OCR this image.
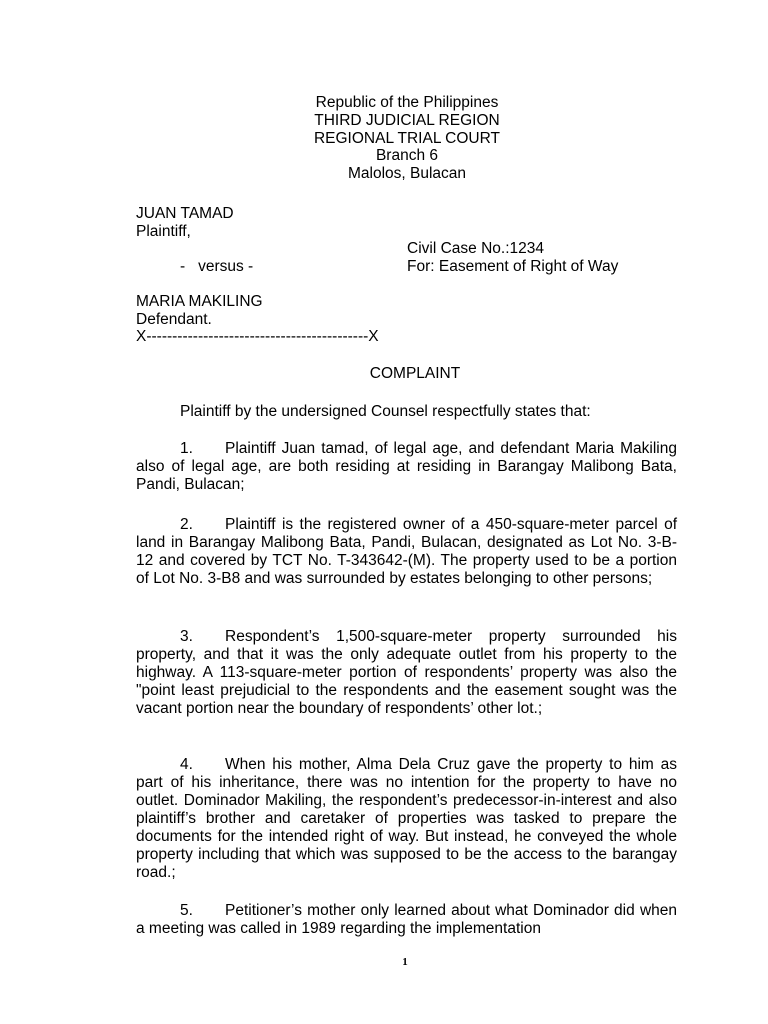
Republic of the Philippines
THIRD JUDICIAL REGION
REGIONAL TRIAL COURT
Branch 6
Malolos, Bulacan
JUAN TAMAD
Plaintiff,
Civil Case No.:1234
-   versus -	For: Easement of Right of Way
MARIA MAKILING
Defendant.
X-------------------------------------------X
COMPLAINT
Plaintiff by the undersigned Counsel respectfully states that:
1. Plaintiff Juan tamad, of legal age, and defendant Maria Makiling also of legal age, are both residing at residing in Barangay Malibong Bata, Pandi, Bulacan;
2. Plaintiff is the registered owner of a 450-square-meter parcel of land in Barangay Malibong Bata, Pandi, Bulacan, designated as Lot No. 3-B-12 and covered by TCT No. T-343642-(M). The property used to be a portion of Lot No. 3-B8 and was surrounded by estates belonging to other persons;
3. Respondent’s 1,500-square-meter property surrounded his property, and that it was the only adequate outlet from his property to the highway. A 113-square-meter portion of respondents’ property was also the "point least prejudicial to the respondents and the easement sought was the vacant portion near the boundary of respondents’ other lot.;
4. When his mother, Alma Dela Cruz gave the property to him as part of his inheritance, there was no intention for the property to have no outlet. Dominador Makiling, the respondent’s predecessor-in-interest and also plaintiff’s brother and caretaker of properties was tasked to prepare the documents for the intended right of way. But instead, he conveyed the whole property including that which was supposed to be the access to the barangay road.;
5. Petitioner’s mother only learned about what Dominador did when a meeting was called in 1989 regarding the implementation
1
